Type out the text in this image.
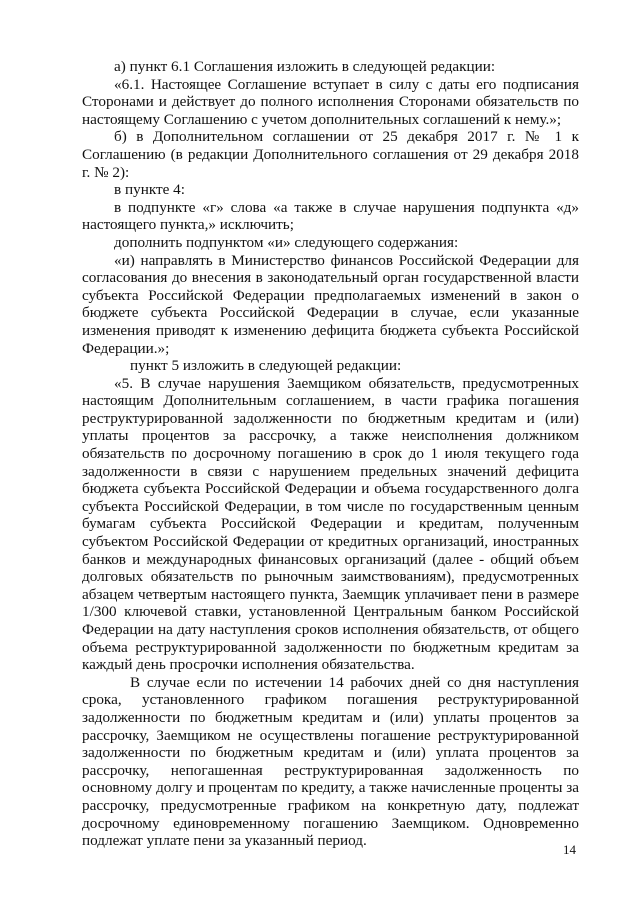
а) пункт 6.1 Соглашения изложить в следующей редакции:

«6.1. Настоящее Соглашение вступает в силу с даты его подписания Сторонами и действует до полного исполнения Сторонами обязательств по настоящему Соглашению с учетом дополнительных соглашений к нему.»;

б) в Дополнительном соглашении от 25 декабря 2017 г. № 1 к Соглашению (в редакции Дополнительного соглашения от 29 декабря 2018 г. № 2):

в пункте 4:

в подпункте «г» слова «а также в случае нарушения подпункта «д» настоящего пункта,» исключить;

дополнить подпунктом «и» следующего содержания:

«и) направлять в Министерство финансов Российской Федерации для согласования до внесения в законодательный орган государственной власти субъекта Российской Федерации предполагаемых изменений в закон о бюджете субъекта Российской Федерации в случае, если указанные изменения приводят к изменению дефицита бюджета субъекта Российской Федерации.»;

пункт 5 изложить в следующей редакции:

«5. В случае нарушения Заемщиком обязательств, предусмотренных настоящим Дополнительным соглашением, в части графика погашения реструктурированной задолженности по бюджетным кредитам и (или) уплаты процентов за рассрочку, а также неисполнения должником обязательств по досрочному погашению в срок до 1 июля текущего года задолженности в связи с нарушением предельных значений дефицита бюджета субъекта Российской Федерации и объема государственного долга субъекта Российской Федерации, в том числе по государственным ценным бумагам субъекта Российской Федерации и кредитам, полученным субъектом Российской Федерации от кредитных организаций, иностранных банков и международных финансовых организаций (далее - общий объем долговых обязательств по рыночным заимствованиям), предусмотренных абзацем четвертым настоящего пункта, Заемщик уплачивает пени в размере 1/300 ключевой ставки, установленной Центральным банком Российской Федерации на дату наступления сроков исполнения обязательств, от общего объема реструктурированной задолженности по бюджетным кредитам за каждый день просрочки исполнения обязательства.

В случае если по истечении 14 рабочих дней со дня наступления срока, установленного графиком погашения реструктурированной задолженности по бюджетным кредитам и (или) уплаты процентов за рассрочку, Заемщиком не осуществлены погашение реструктурированной задолженности по бюджетным кредитам и (или) уплата процентов за рассрочку, непогашенная реструктурированная задолженность по основному долгу и процентам по кредиту, а также начисленные проценты за рассрочку, предусмотренные графиком на конкретную дату, подлежат досрочному единовременному погашению Заемщиком. Одновременно подлежат уплате пени за указанный период.

14
